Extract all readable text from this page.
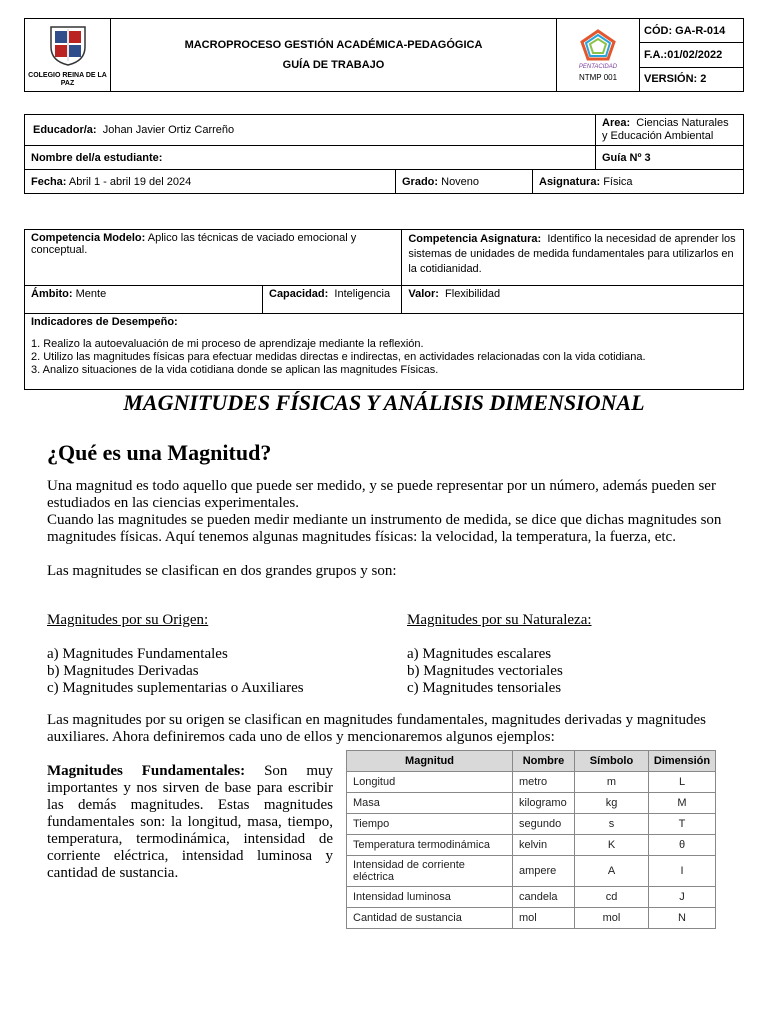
COLEGIO REINA DE LA PAZ

MACROPROCESO GESTIÓN ACADÉMICA-PEDAGÓGICA
GUÍA DE TRABAJO	PENTACIDAD
NTMP 001
	CÓD: GA-R-014
F.A.:01/02/2022
VERSIÓN: 2
Educador/a: Johan Javier Ortiz Carreño			Area: Ciencias Naturales y Educación Ambiental
Nombre del/a estudiante:			Guía Nº 3
Fecha: Abril 1 - abril 19 del 2024	Grado: Noveno	Asignatura: Física	
Competencia Modelo: Aplico las técnicas de vaciado emocional y conceptual.		Competencia Asignatura: Identifico la necesidad de aprender los sistemas de unidades de medida fundamentales para utilizarlos en la cotidianidad.
Ámbito: Mente	Capacidad: Inteligencia	Valor: Flexibilidad

Indicadores de Desempeño:
1. Realizo la autoevaluación de mi proceso de aprendizaje mediante la reflexión.
2. Utilizo las magnitudes físicas para efectuar medidas directas e indirectas, en actividades relacionadas con la vida cotidiana.
3. Analizo situaciones de la vida cotidiana donde se aplican las magnitudes Físicas.		
MAGNITUDES FÍSICAS Y ANÁLISIS DIMENSIONAL
¿Qué es una Magnitud?
Una magnitud es todo aquello que puede ser medido, y se puede representar por un número, además pueden ser estudiados en las ciencias experimentales.
Cuando las magnitudes se pueden medir mediante un instrumento de medida, se dice que dichas magnitudes son magnitudes físicas. Aquí tenemos algunas magnitudes físicas: la velocidad, la temperatura, la fuerza, etc.
Las magnitudes se clasifican en dos grandes grupos y son:
Magnitudes por su Origen:
a) Magnitudes Fundamentales
b) Magnitudes Derivadas
c) Magnitudes suplementarias o Auxiliares
Magnitudes por su Naturaleza:
a) Magnitudes escalares
b) Magnitudes vectoriales
c) Magnitudes tensoriales
Las magnitudes por su origen se clasifican en magnitudes fundamentales, magnitudes derivadas y magnitudes auxiliares. Ahora definiremos cada uno de ellos y mencionaremos algunos ejemplos:
Magnitudes Fundamentales: Son muy importantes y nos sirven de base para escribir las demás magnitudes. Estas magnitudes fundamentales son: la longitud, masa, tiempo, temperatura, termodinámica, intensidad de corriente eléctrica, intensidad luminosa y cantidad de sustancia.
Magnitud	Nombre	Símbolo	Dimensión
Longitud	metro	m	L
Masa	kilogramo	kg	M
Tiempo	segundo	s	T
Temperatura termodinámica	kelvin	K	θ
Intensidad de corriente eléctrica	ampere	A	I
Intensidad luminosa	candela	cd	J
Cantidad de sustancia	mol	mol	N
